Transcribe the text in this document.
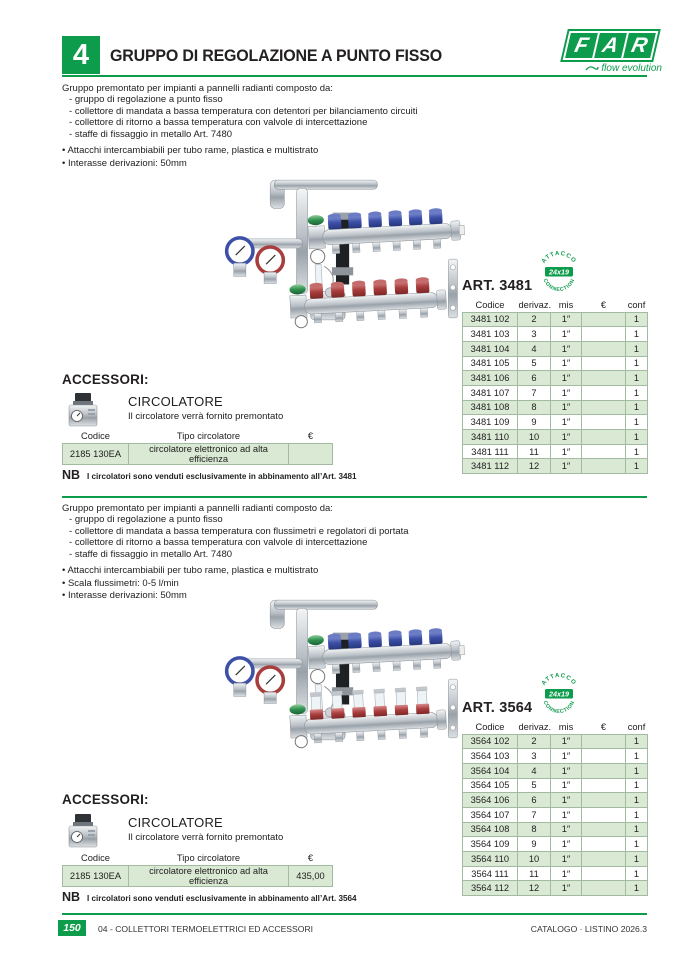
4 GRUPPO DI REGOLAZIONE A PUNTO FISSO	F A R
flow evolution
Gruppo premontato per impianti a pannelli radianti composto da:
- gruppo di regolazione a punto fisso
- collettore di mandata a bassa temperatura con detentori per bilanciamento circuiti
- collettore di ritorno a bassa temperatura con valvole di intercettazione
- staffe di fissaggio in metallo Art. 7480
• Attacchi intercambiabili per tubo rame, plastica e multistrato
• Interasse derivazioni: 50mm
ATTACCO
CONNECTION
24x19
ART. 3481
Codice	derivaz.	mis	€	conf
3481 102	2	1″		1
3481 103	3	1″		1
3481 104	4	1″		1
3481 105	5	1″		1
3481 106	6	1″		1
3481 107	7	1″		1
3481 108	8	1″		1
3481 109	9	1″		1
3481 110	10	1″		1
3481 111	11	1″		1
3481 112	12	1″		1
ACCESSORI:
CIRCOLATORE
Il circolatore verrà fornito premontato
Codice	Tipo circolatore	€
2185 130EA	circolatore elettronico ad alta efficienza	
NB I circolatori sono venduti esclusivamente in abbinamento all’Art. 3481
Gruppo premontato per impianti a pannelli radianti composto da:
- gruppo di regolazione a punto fisso
- collettore di mandata a bassa temperatura con flussimetri e regolatori di portata
- collettore di ritorno a bassa temperatura con valvole di intercettazione
- staffe di fissaggio in metallo Art. 7480
• Attacchi intercambiabili per tubo rame, plastica e multistrato
• Scala flussimetri: 0-5 l/min
• Interasse derivazioni: 50mm
ATTACCO
CONNECTION
24x19
ART. 3564
Codice	derivaz.	mis	€	conf
3564 102	2	1″		1
3564 103	3	1″		1
3564 104	4	1″		1
3564 105	5	1″		1
3564 106	6	1″		1
3564 107	7	1″		1
3564 108	8	1″		1
3564 109	9	1″		1
3564 110	10	1″		1
3564 111	11	1″		1
3564 112	12	1″		1
ACCESSORI:
CIRCOLATORE
Il circolatore verrà fornito premontato
Codice	Tipo circolatore	€
2185 130EA	circolatore elettronico ad alta efficienza	435,00
NB I circolatori sono venduti esclusivamente in abbinamento all’Art. 3564
150 04 - COLLETTORI TERMOELETTRICI ED ACCESSORI	CATALOGO · LISTINO 2026.3
